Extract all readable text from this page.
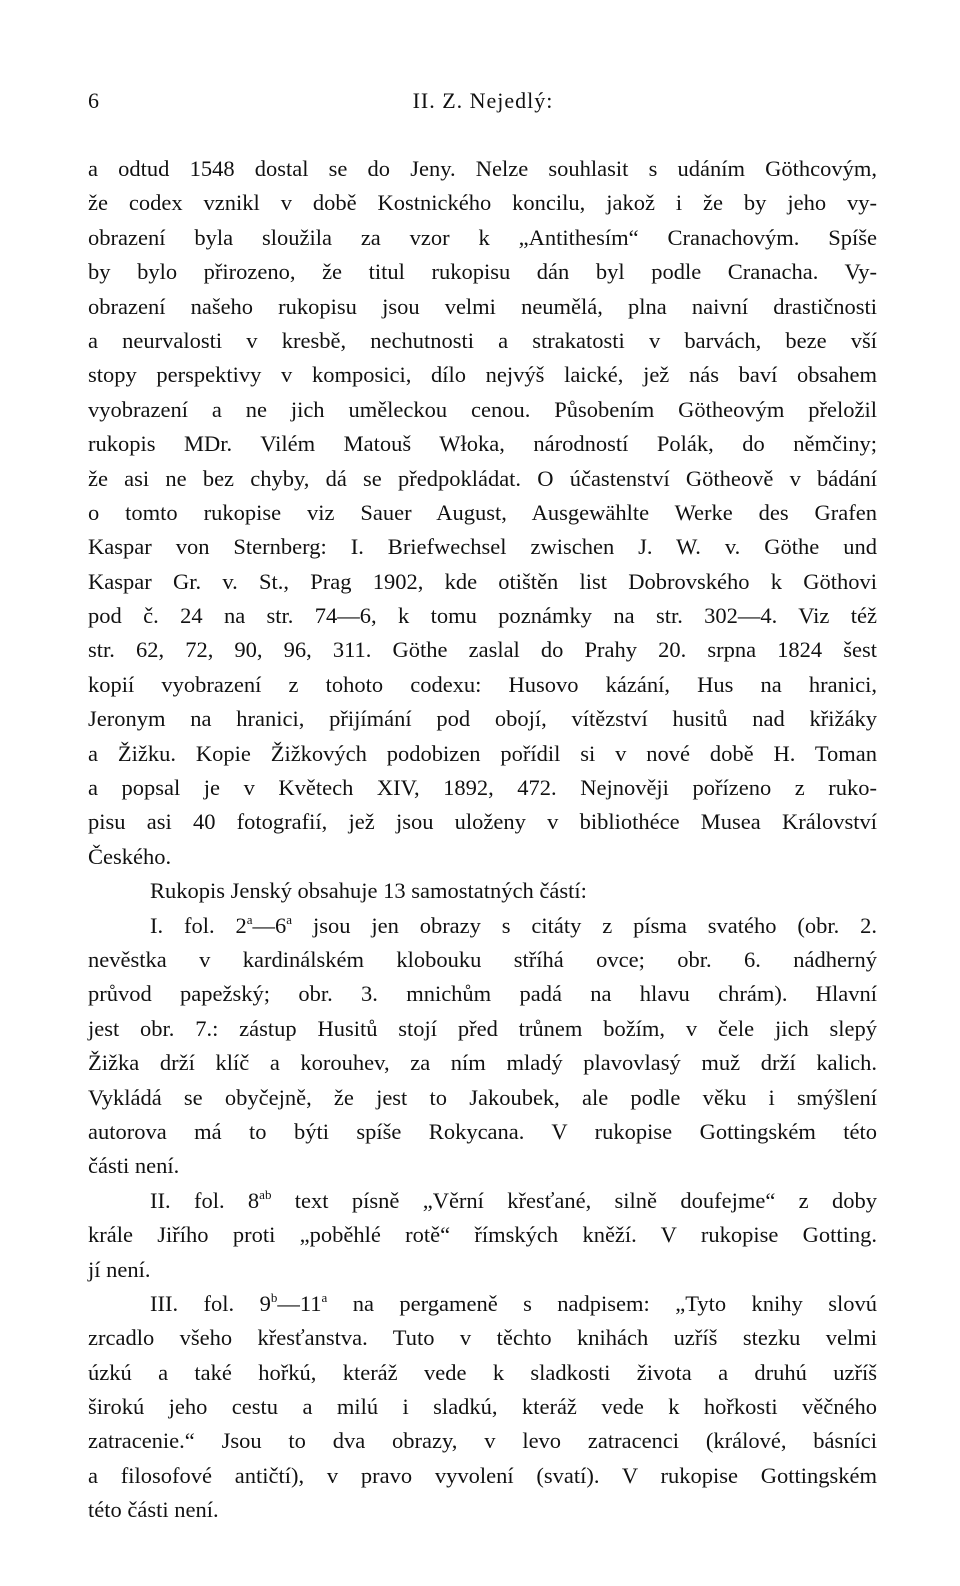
6	II. Z. Nejedlý:

a odtud 1548 dostal se do Jeny. Nelze souhlasit s udáním Göthcovým,

že codex vznikl v době Kostnického koncilu, jakož i že by jeho vy-

obrazení byla sloužila za vzor k „Antithesím“ Cranachovým. Spíše

by bylo přirozeno, že titul rukopisu dán byl podle Cranacha. Vy-

obrazení našeho rukopisu jsou velmi neumělá, plna naivní drastičnosti

a neurvalosti v kresbě, nechutnosti a strakatosti v barvách, beze vší

stopy perspektivy v komposici, dílo nejvýš laické, jež nás baví obsahem

vyobrazení a ne jich uměleckou cenou. Působením Götheovým přeložil

rukopis MDr. Vilém Matouš Włoka, národností Polák, do němčiny;

že asi ne bez chyby, dá se předpokládat. O účastenství Götheově v bádání

o tomto rukopise viz Sauer August, Ausgewählte Werke des Grafen

Kaspar von Sternberg: I. Briefwechsel zwischen J. W. v. Göthe und

Kaspar Gr. v. St., Prag 1902, kde otištěn list Dobrovského k Göthovi

pod č. 24 na str. 74—6, k tomu poznámky na str. 302—4. Viz též

str. 62, 72, 90, 96, 311. Göthe zaslal do Prahy 20. srpna 1824 šest

kopií vyobrazení z tohoto codexu: Husovo kázání, Hus na hranici,

Jeronym na hranici, přijímání pod obojí, vítězství husitů nad křižáky

a Žižku. Kopie Žižkových podobizen pořídil si v nové době H. Toman

a popsal je v Květech XIV, 1892, 472. Nejnověji pořízeno z ruko-

pisu asi 40 fotografií, jež jsou uloženy v bibliothéce Musea Království

Českého.

Rukopis Jenský obsahuje 13 samostatných částí:

I. fol. 2$^a$—6$^a$ jsou jen obrazy s citáty z písma svatého (obr. 2.

nevěstka v kardinálském klobouku stříhá ovce; obr. 6. nádherný

průvod papežský; obr. 3. mnichům padá na hlavu chrám). Hlavní

jest obr. 7.: zástup Husitů stojí před trůnem božím, v čele jich slepý

Žižka drží klíč a korouhev, za ním mladý plavovlasý muž drží kalich.

Vykládá se obyčejně, že jest to Jakoubek, ale podle věku i smýšlení

autorova má to býti spíše Rokycana. V rukopise Gottingském této

části není.

II. fol. $8^{ab}$ text písně „Věrní křesťané, silně doufejme“ z doby

krále Jiřího proti „poběhlé rotě“ římských kněží. V rukopise Gotting.

jí není.

III. fol. 9$^b$—11$^a$ na pergameně s nadpisem: „Tyto knihy slovú

zrcadlo všeho křesťanstva. Tuto v těchto knihách uzříš stezku velmi

úzkú a také hořkú, kteráž vede k sladkosti života a druhú uzříš

širokú jeho cestu a milú i sladkú, kteráž vede k hořkosti věčného

zatracenie.“ Jsou to dva obrazy, v levo zatracenci (králové, básníci

a filosofové antičtí), v pravo vyvolení (svatí). V rukopise Gottingském

této části není.
